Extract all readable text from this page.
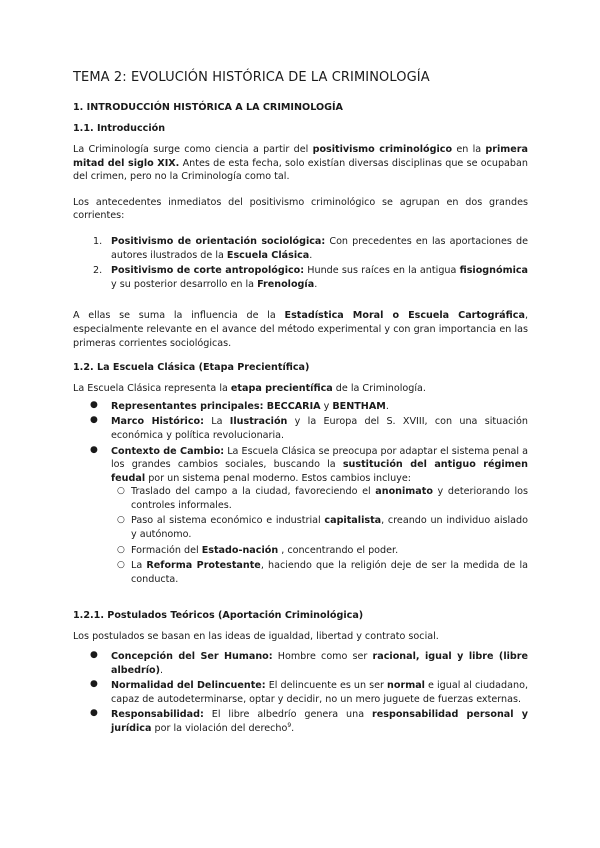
TEMA 2: EVOLUCIÓN HISTÓRICA DE LA CRIMINOLOGÍA
1. INTRODUCCIÓN HISTÓRICA A LA CRIMINOLOGÍA
1.1. Introducción

La Criminología surge como ciencia a partir del positivismo criminológico en la primera mitad del siglo XIX. Antes de esta fecha, solo existían diversas disciplinas que se ocupaban del crimen, pero no la Criminología como tal.

Los antecedentes inmediatos del positivismo criminológico se agrupan en dos grandes corrientes:

1. Positivismo de orientación sociológica: Con precedentes en las aportaciones de autores ilustrados de la Escuela Clásica.
2. Positivismo de corte antropológico: Hunde sus raíces en la antigua fisiognómica y su posterior desarrollo en la Frenología.

A ellas se suma la influencia de la Estadística Moral o Escuela Cartográfica, especialmente relevante en el avance del método experimental y con gran importancia en las primeras corrientes sociológicas.

1.2. La Escuela Clásica (Etapa Precientífica)

La Escuela Clásica representa la etapa precientífica de la Criminología.

● Representantes principales: BECCARIA y BENTHAM.
● Marco Histórico: La Ilustración y la Europa del S. XVIII, con una situación económica y política revolucionaria.
● Contexto de Cambio: La Escuela Clásica se preocupa por adaptar el sistema penal a los grandes cambios sociales, buscando la sustitución del antiguo régimen feudal por un sistema penal moderno. Estos cambios incluye:
○ Traslado del campo a la ciudad, favoreciendo el anonimato y deteriorando los controles informales.
○ Paso al sistema económico e industrial capitalista, creando un individuo aislado y autónomo.
○ Formación del Estado-nación , concentrando el poder.
○ La Reforma Protestante, haciendo que la religión deje de ser la medida de la conducta.
1.2.1. Postulados Teóricos (Aportación Criminológica)

Los postulados se basan en las ideas de igualdad, libertad y contrato social.

● Concepción del Ser Humano: Hombre como ser racional, igual y libre (libre albedrío).
● Normalidad del Delincuente: El delincuente es un ser normal e igual al ciudadano, capaz de autodeterminarse, optar y decidir, no un mero juguete de fuerzas externas.
● Responsabilidad: El libre albedrío genera una responsabilidad personal y jurídica por la violación del derecho$^9$.
